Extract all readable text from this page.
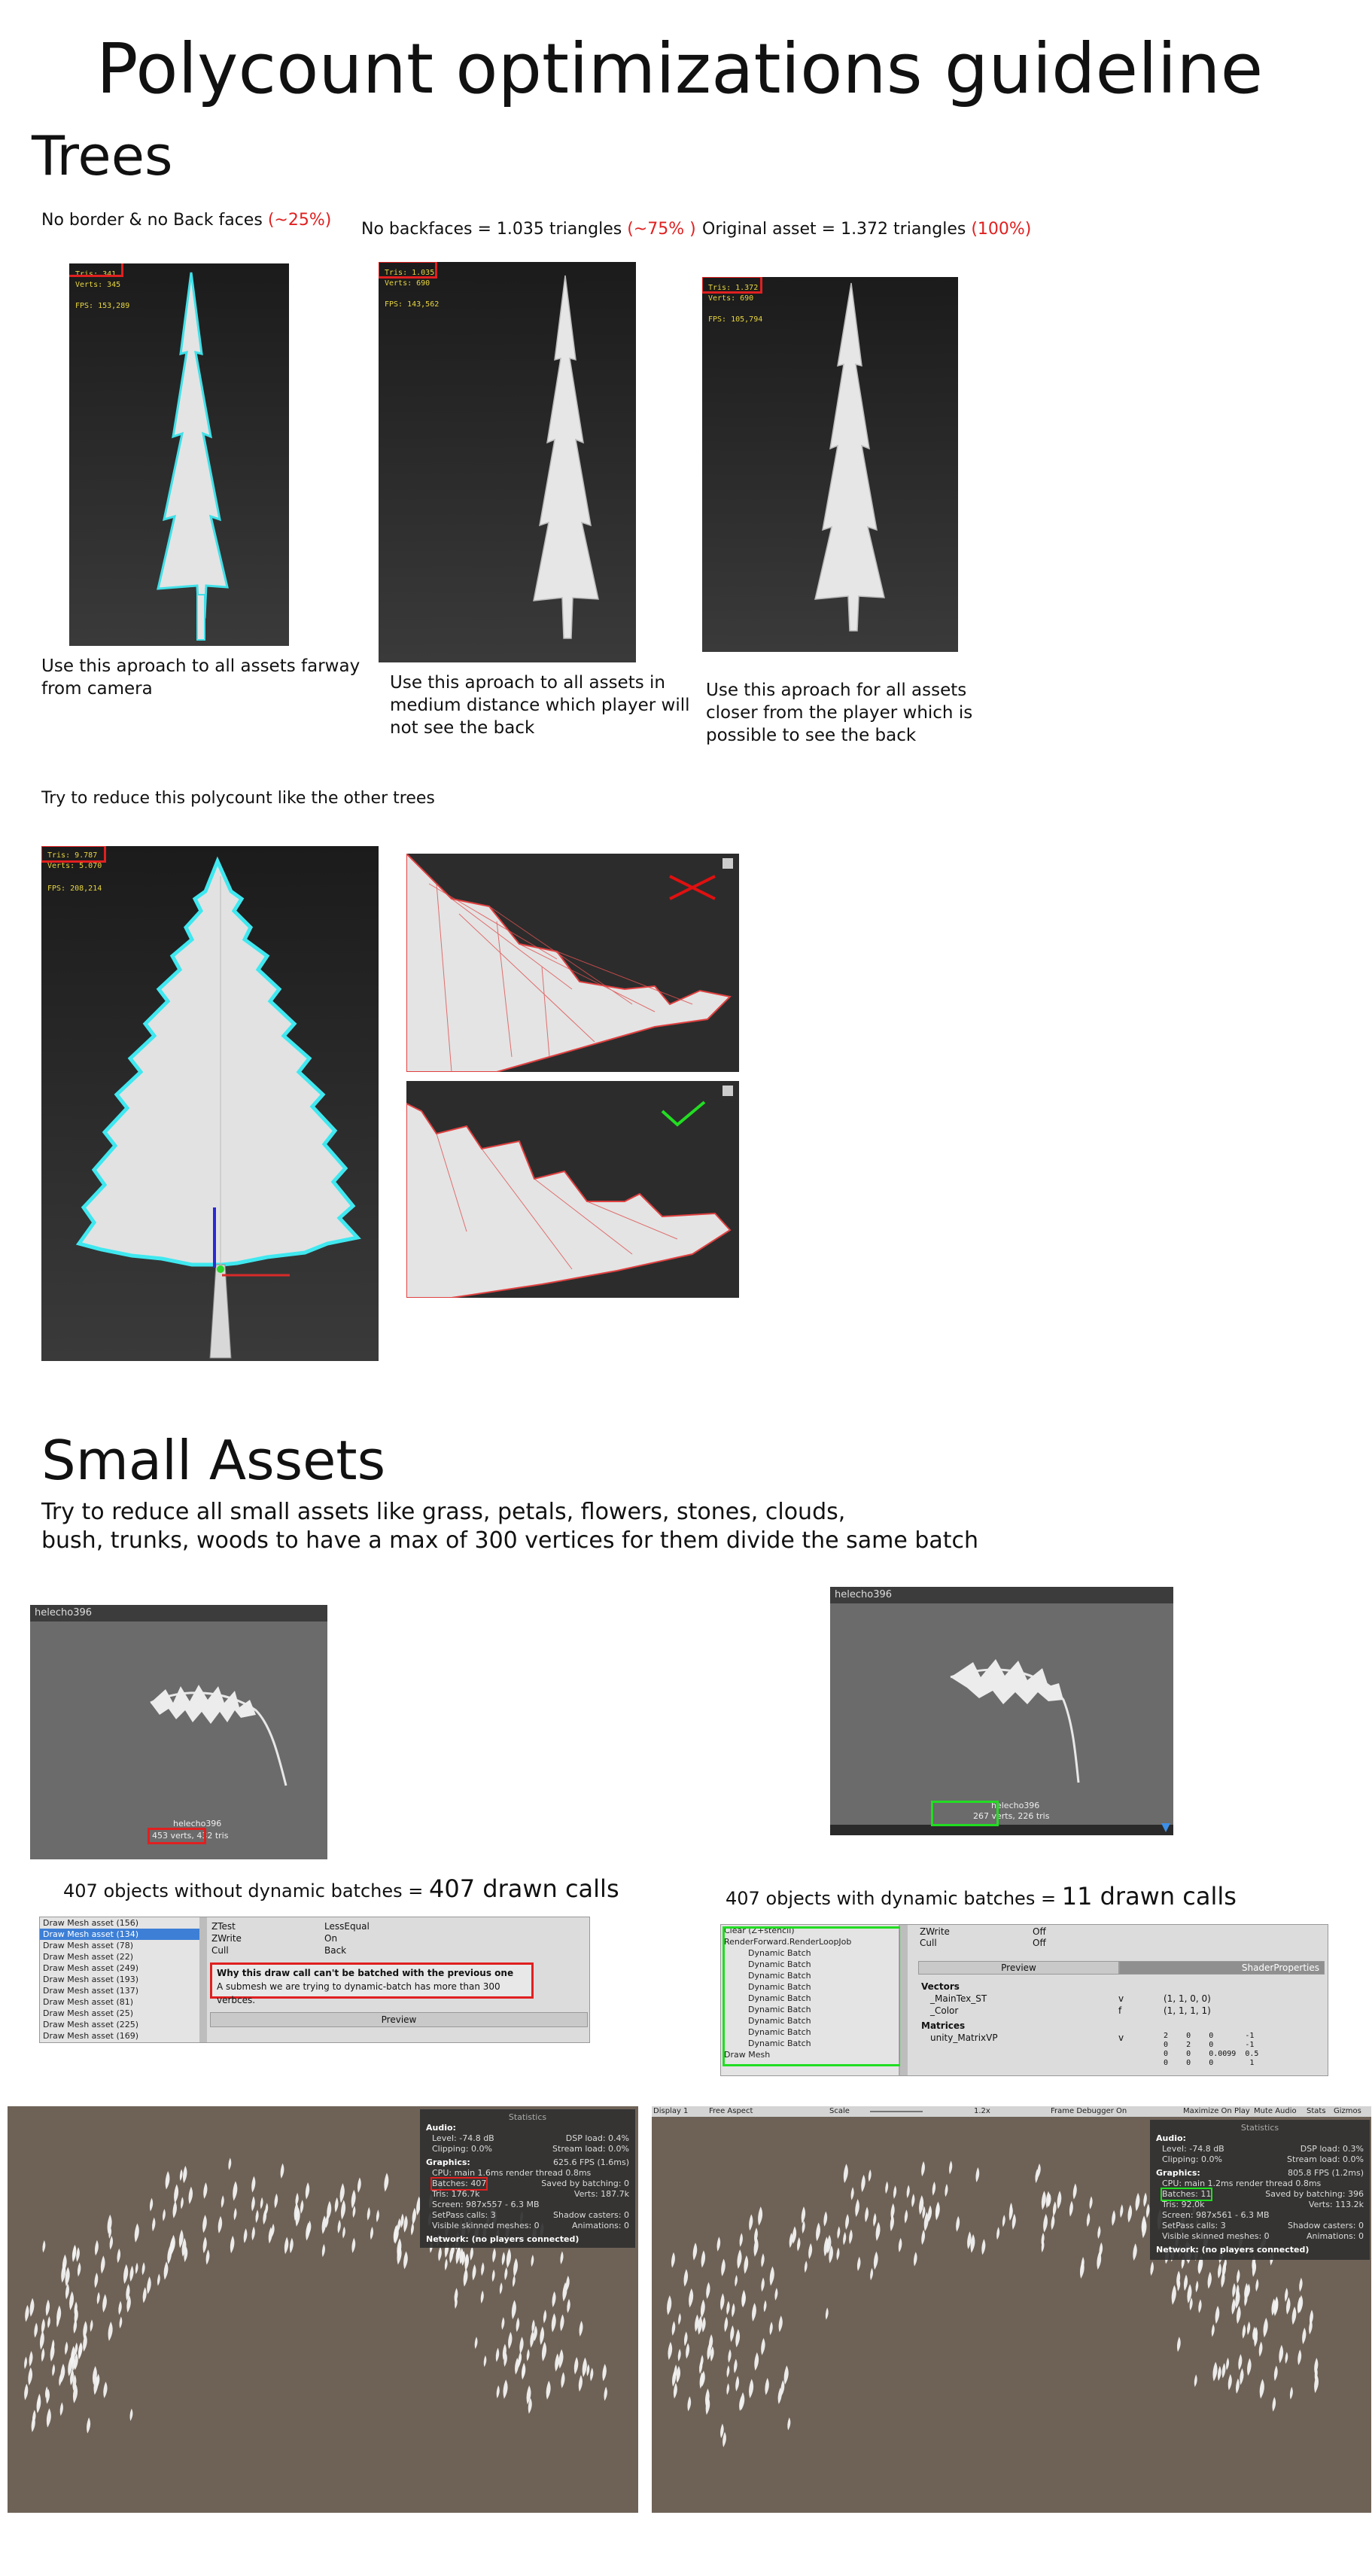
Polycount optimizations guideline
Trees
No border & no Back faces (~25%)
Tris: 341
Verts: 345
FPS: 153,289
Use this aproach to all assets farway from camera
No backfaces = 1.035 triangles (~75% )
Tris: 1.035
Verts: 690
FPS: 143,562
Use this aproach to all assets in medium distance which player will not see the back
Original asset = 1.372 triangles (100%)
Tris: 1.372
Verts: 690
FPS: 105,794
Use this aproach for all assets closer from the player which is possible to see the back
Try to reduce this polycount like the other trees
Tris: 9.787
Verts: 5.070
FPS: 208,214
Small Assets
Try to reduce all small assets like grass, petals, flowers, stones, clouds,
bush, trunks, woods to have a max of 300 vertices for them divide the same batch
helecho396
helecho396
453 verts, 432 tris
helecho396
helecho396
267 verts, 226 tris
407 objects without dynamic batches = 407 drawn calls	407 objects with dynamic batches = 11 drawn calls
Draw Mesh asset (156)
Draw Mesh asset (134)
Draw Mesh asset (78)
Draw Mesh asset (22)
Draw Mesh asset (249)
Draw Mesh asset (193)
Draw Mesh asset (137)
Draw Mesh asset (81)
Draw Mesh asset (25)
Draw Mesh asset (225)
Draw Mesh asset (169)
ZTest	LessEqual
ZWrite	On
Cull	Back
Why this draw call can't be batched with the previous one
A submesh we are trying to dynamic-batch has more than 300 verbces.
Preview
Clear (Z+stencil)
RenderForward.RenderLoopJob
Dynamic Batch
Dynamic Batch
Dynamic Batch
Dynamic Batch
Dynamic Batch
Dynamic Batch
Dynamic Batch
Dynamic Batch
Dynamic Batch
Draw Mesh
ZWrite	Off
Cull	Off
Preview	ShaderProperties
Vectors
_MainTex_ST	v	(1, 1, 0, 0)
_Color	f	(1, 1, 1, 1)
Matrices
unity_MatrixVP	v	2    0    0       -1
0    2    0       -1
0    0    0.0099  0.5
0    0    0        1
Statistics
Audio:
Level: -74.8 dB	DSP load: 0.4%
Clipping: 0.0%	Stream load: 0.0%
Graphics:	625.6 FPS (1.6ms)
CPU: main 1.6ms render thread 0.8ms
Batches: 407	Saved by batching: 0
Tris: 176.7k	Verts: 187.7k
Screen: 987x557 - 6.3 MB
SetPass calls: 3	Shadow casters: 0
Visible skinned meshes: 0	Animations: 0
Network: (no players connected)
Display 1	Free Aspect	Scale	1.2x	Frame Debugger On	Maximize On Play Mute Audio Stats Gizmos
Statistics
Audio:
Level: -74.8 dB	DSP load: 0.3%
Clipping: 0.0%	Stream load: 0.0%
Graphics:	805.8 FPS (1.2ms)
CPU: main 1.2ms render thread 0.8ms
Batches: 11	Saved by batching: 396
Tris: 92.0k	Verts: 113.2k
Screen: 987x561 - 6.3 MB
SetPass calls: 3	Shadow casters: 0
Visible skinned meshes: 0	Animations: 0
Network: (no players connected)
